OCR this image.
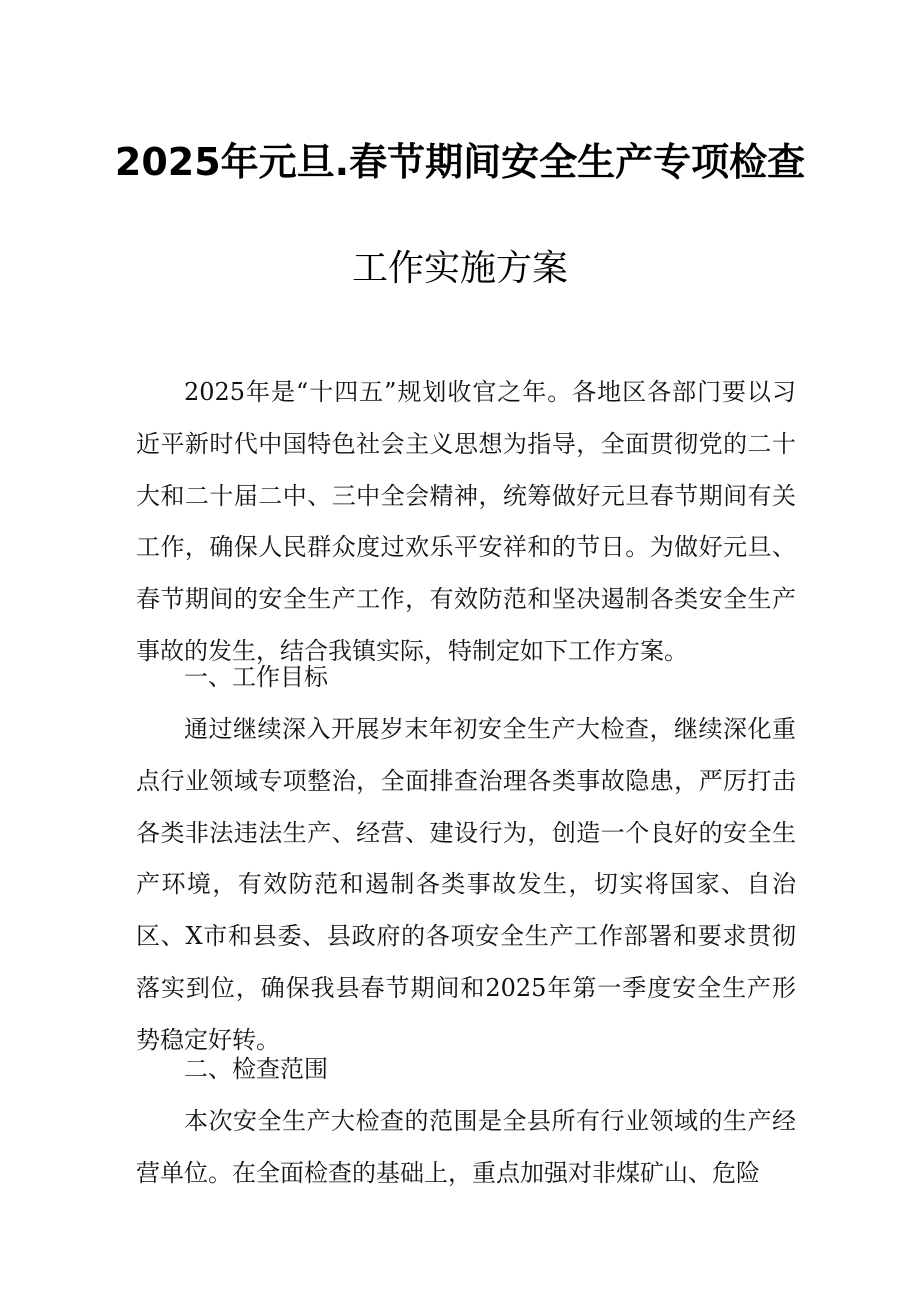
2025年元旦.春节期间安全生产专项检查
工作实施方案
2025年是“十四五”规划收官之年。各地区各部门要以习近平新时代中国特色社会主义思想为指导，全面贯彻党的二十大和二十届二中、三中全会精神，统筹做好元旦春节期间有关工作，确保人民群众度过欢乐平安祥和的节日。为做好元旦、春节期间的安全生产工作，有效防范和坚决遏制各类安全生产事故的发生，结合我镇实际，特制定如下工作方案。
一、工作目标
通过继续深入开展岁末年初安全生产大检查，继续深化重点行业领域专项整治，全面排查治理各类事故隐患，严厉打击各类非法违法生产、经营、建设行为，创造一个良好的安全生产环境，有效防范和遏制各类事故发生，切实将国家、自治区、X市和县委、县政府的各项安全生产工作部署和要求贯彻落实到位，确保我县春节期间和2025年第一季度安全生产形势稳定好转。
二、检查范围
本次安全生产大检查的范围是全县所有行业领域的生产经营单位。在全面检查的基础上，重点加强对非煤矿山、危险
